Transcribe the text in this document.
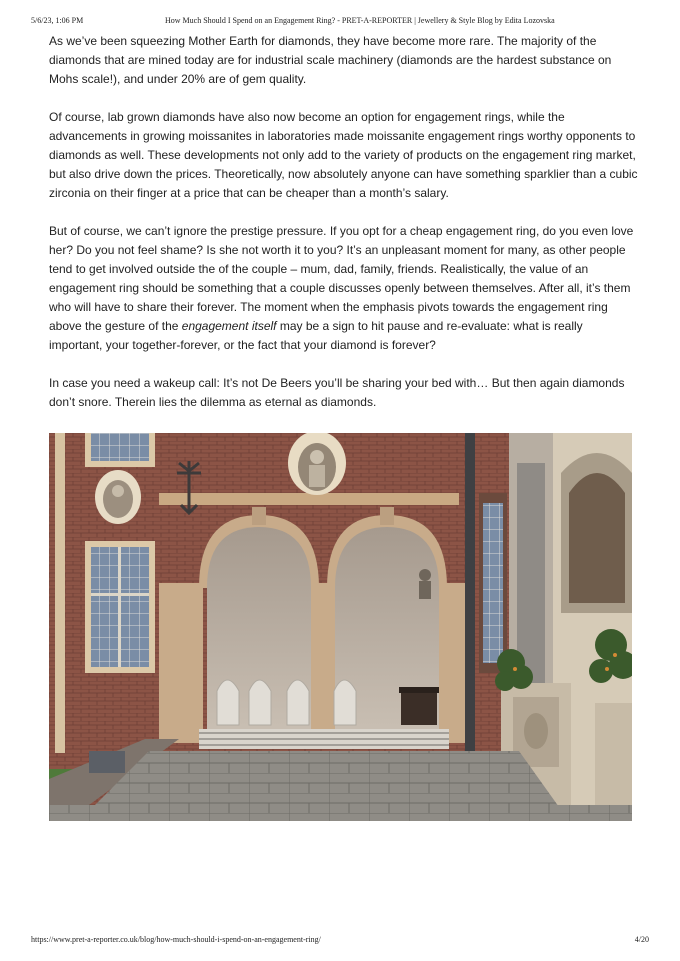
5/6/23, 1:06 PM	How Much Should I Spend on an Engagement Ring? - PRET-A-REPORTER | Jewellery & Style Blog by Edita Lozovska

As we’ve been squeezing Mother Earth for diamonds, they have become more rare. The majority of the diamonds that are mined today are for industrial scale machinery (diamonds are the hardest substance on Mohs scale!), and under 20% are of gem quality.

Of course, lab grown diamonds have also now become an option for engagement rings, while the advancements in growing moissanites in laboratories made moissanite engagement rings worthy opponents to diamonds as well. These developments not only add to the variety of products on the engagement ring market, but also drive down the prices. Theoretically, now absolutely anyone can have something sparklier than a cubic zirconia on their finger at a price that can be cheaper than a month’s salary.

But of course, we can’t ignore the prestige pressure. If you opt for a cheap engagement ring, do you even love her? Do you not feel shame? Is she not worth it to you? It’s an unpleasant moment for many, as other people tend to get involved outside the of the couple – mum, dad, family, friends. Realistically, the value of an engagement ring should be something that a couple discusses openly between themselves. After all, it’s them who will have to share their forever. The moment when the emphasis pivots towards the engagement ring above the gesture of the engagement itself may be a sign to hit pause and re-evaluate: what is really important, your together-forever, or the fact that your diamond is forever?

In case you need a wakeup call: It’s not De Beers you’ll be sharing your bed with… But then again diamonds don’t snore. Therein lies the dilemma as eternal as diamonds.

https://www.pret-a-reporter.co.uk/blog/how-much-should-i-spend-on-an-engagement-ring/	4/20
